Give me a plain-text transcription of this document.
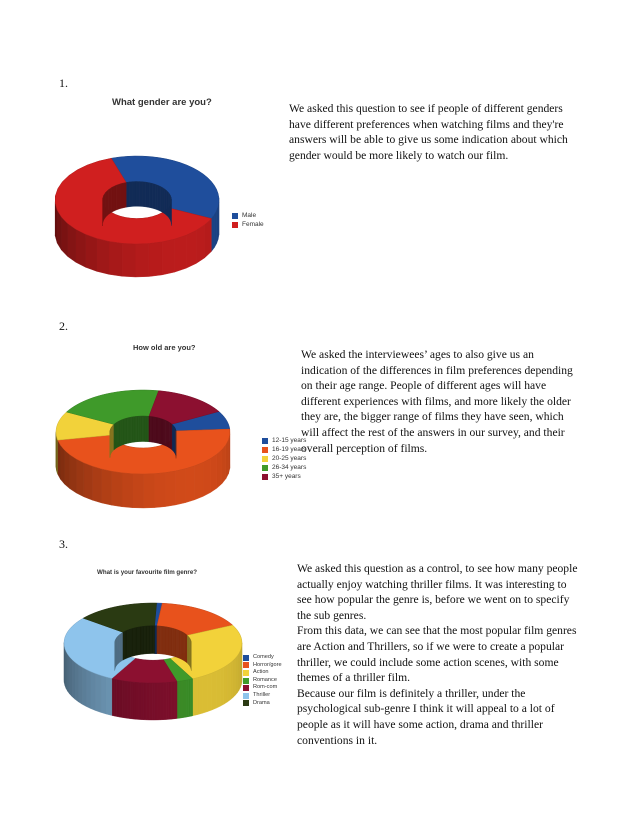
1.
What gender are you?	We asked this question to see if people of different genders have different preferences when watching films and they're answers will be able to give us some indication about which gender would be more likely to watch our film.

Male
Female
2.
How old are you?

We asked the interviewees’ ages to also give us an indication of the differences in film preferences depending on their age range. People of different ages will have different experiences with films, and more likely the older they are, the bigger range of films they have seen, which will affect the rest of the answers in our survey, and their overall perception of films.

12-15 years
16-19 years
20-25 years
26-34 years
35+ years
3.
What is your favourite film genre?	We asked this question as a control, to see how many people actually enjoy watching thriller films. It was interesting to see how popular the genre is, before we went on to specify the sub genres.

From this data, we can see that the most popular film genres are Action and Thrillers, so if we were to create a popular thriller, we could include some action scenes, with some themes of a thriller film.

Because our film is definitely a thriller, under the psychological sub-genre I think it will appeal to a lot of people as it will have some action, drama and thriller conventions in it.

Comedy
Horror/gore
Action
Romance
Rom-com
Thriller
Drama
